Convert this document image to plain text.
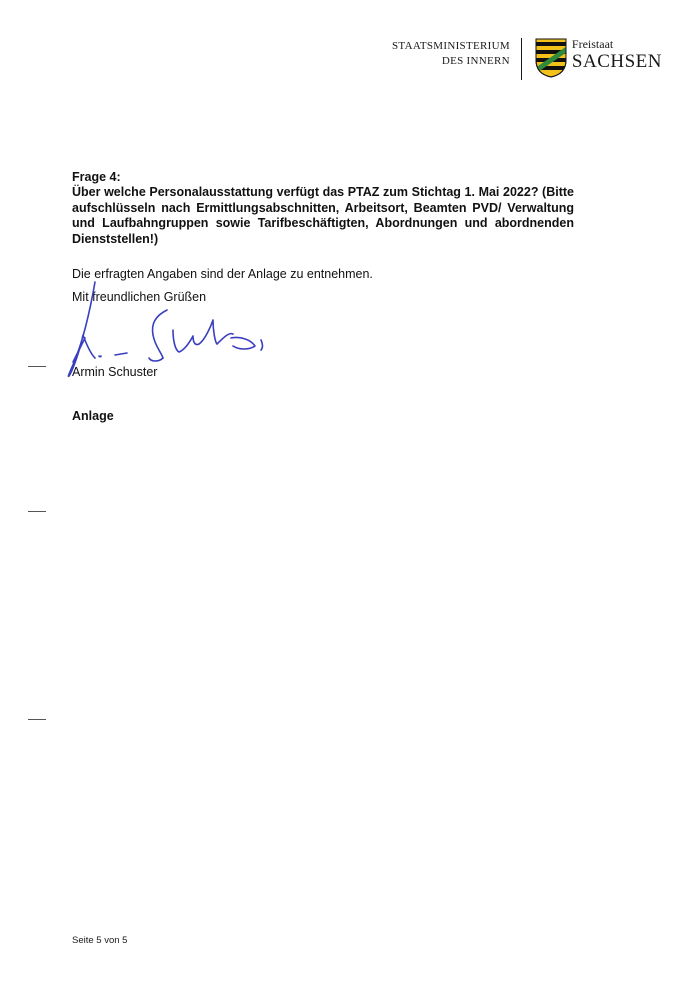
STAATSMINISTERIUM
DES INNERN
Freistaat
SACHSEN
Frage 4:
Über welche Personalausstattung verfügt das PTAZ zum Stichtag 1. Mai 2022? (Bitte aufschlüsseln nach Ermittlungsabschnitten, Arbeitsort, Beamten PVD/ Verwaltung und Laufbahngruppen sowie Tarifbeschäftigten, Abordnungen und abordnenden Dienststellen!)
Die erfragten Angaben sind der Anlage zu entnehmen.
Mit freundlichen Grüßen
Armin Schuster
Anlage
Seite 5 von 5
